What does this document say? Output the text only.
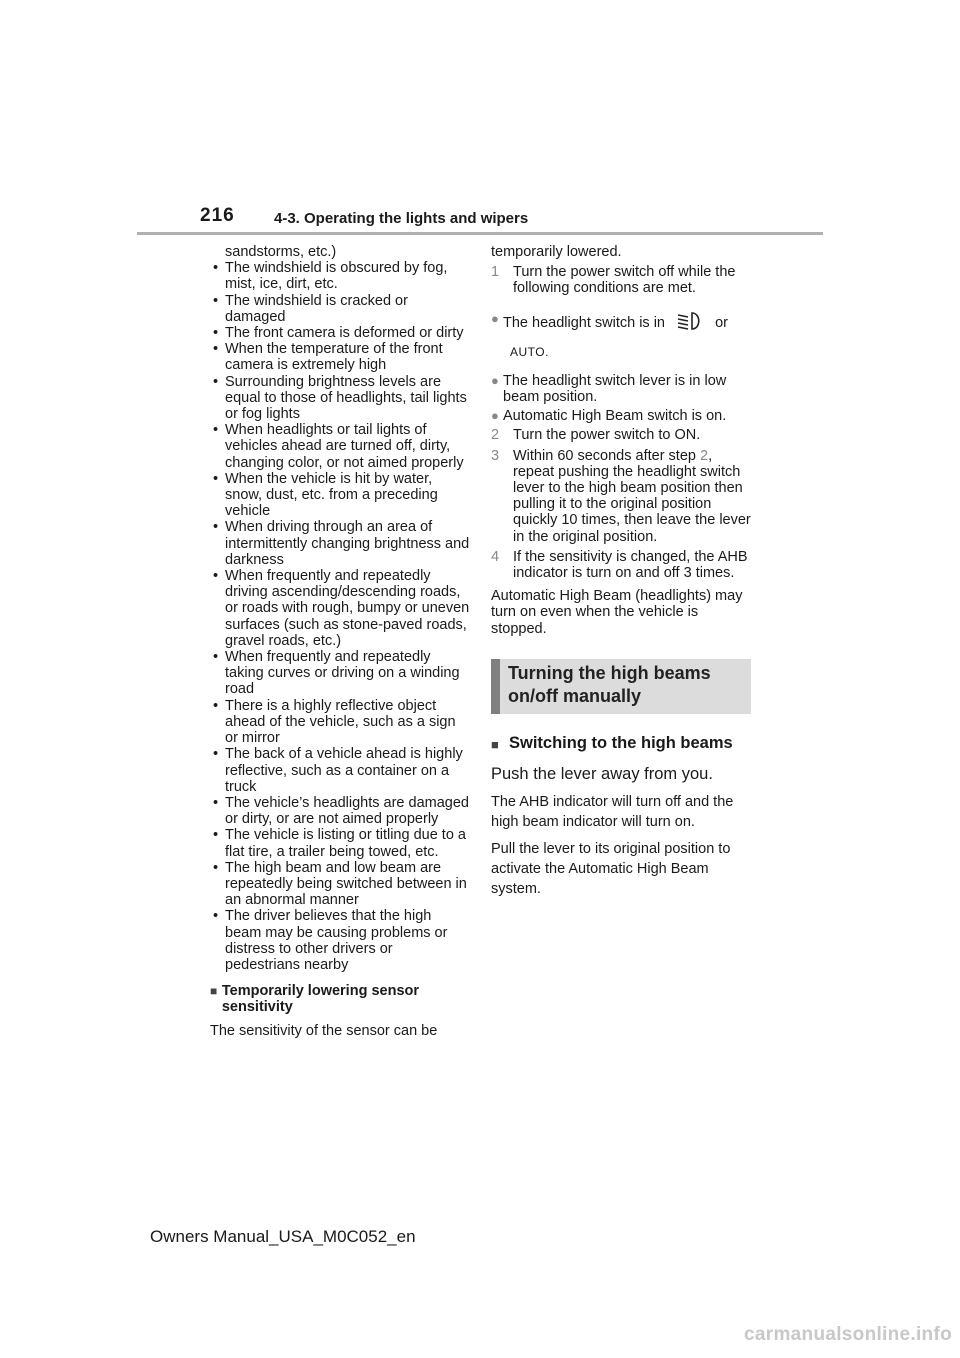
216	4-3. Operating the lights and wipers
sandstorms, etc.)
• The windshield is obscured by fog, mist, ice, dirt, etc.
• The windshield is cracked or damaged
• The front camera is deformed or dirty
• When the temperature of the front camera is extremely high
• Surrounding brightness levels are equal to those of headlights, tail lights or fog lights
• When headlights or tail lights of vehicles ahead are turned off, dirty, changing color, or not aimed properly
• When the vehicle is hit by water, snow, dust, etc. from a preceding vehicle
• When driving through an area of intermittently changing brightness and darkness
• When frequently and repeatedly driving ascending/descending roads, or roads with rough, bumpy or uneven surfaces (such as stone-paved roads, gravel roads, etc.)
• When frequently and repeatedly taking curves or driving on a winding road
• There is a highly reflective object ahead of the vehicle, such as a sign or mirror
• The back of a vehicle ahead is highly reflective, such as a container on a truck
• The vehicle’s headlights are damaged or dirty, or are not aimed properly
• The vehicle is listing or titling due to a flat tire, a trailer being towed, etc.
• The high beam and low beam are repeatedly being switched between in an abnormal manner
• The driver believes that the high beam may be causing problems or distress to other drivers or pedestrians nearby
■ Temporarily lowering sensor sensitivity
The sensitivity of the sensor can be
temporarily lowered.
1 Turn the power switch off while the following conditions are met.
● The headlight switch is in	or
AUTO.
● The headlight switch lever is in low beam position.
● Automatic High Beam switch is on.
2 Turn the power switch to ON.
3 Within 60 seconds after step 2, repeat pushing the headlight switch lever to the high beam position then pulling it to the original position quickly 10 times, then leave the lever in the original position.
4 If the sensitivity is changed, the AHB indicator is turn on and off 3 times.
Automatic High Beam (headlights) may turn on even when the vehicle is stopped.
Turning the high beams on/off manually
■ Switching to the high beams
Push the lever away from you.
The AHB indicator will turn off and the high beam indicator will turn on.
Pull the lever to its original position to activate the Automatic High Beam system.
Owners Manual_USA_M0C052_en
carmanualsonline.info
